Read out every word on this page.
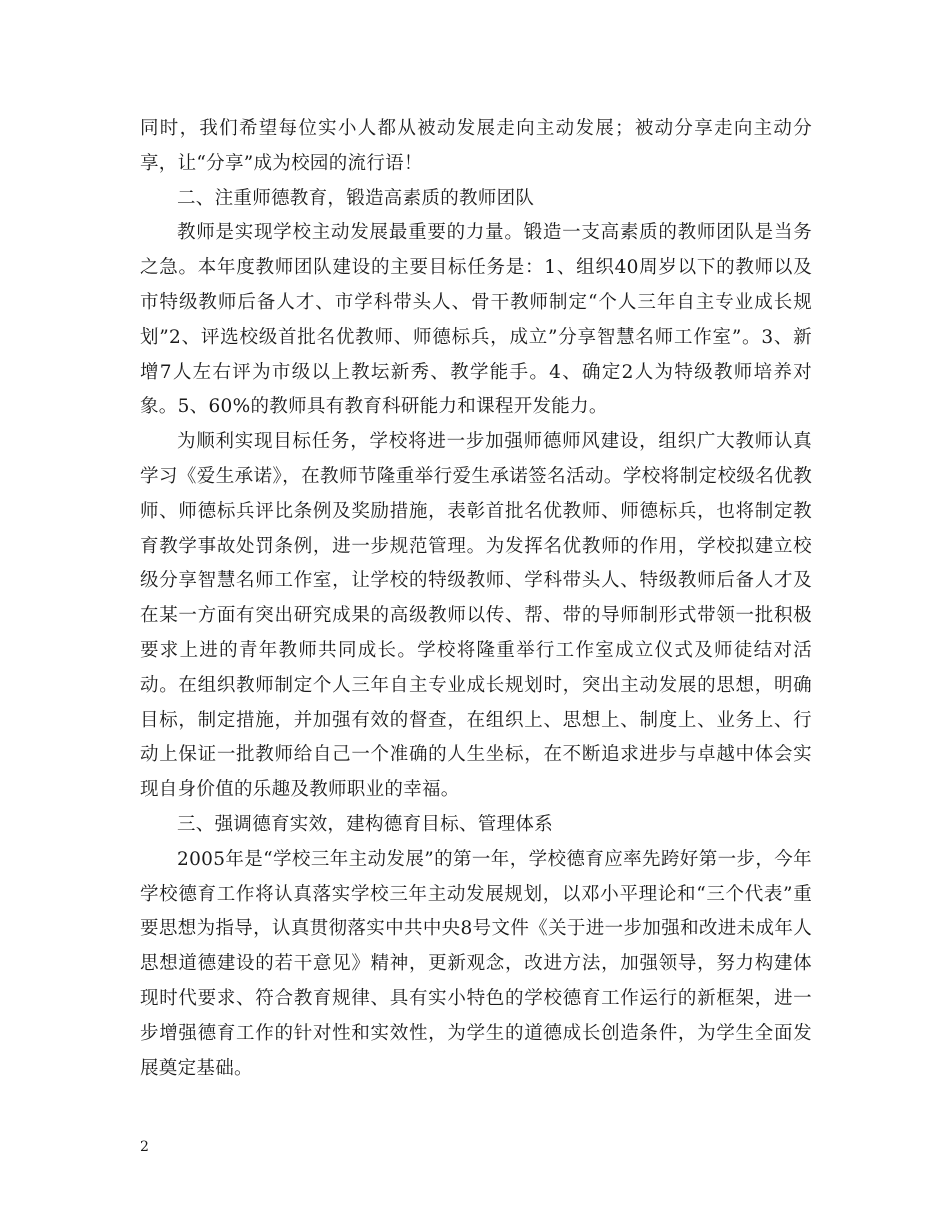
同时，我们希望每位实小人都从被动发展走向主动发展；被动分享走向主动分享，让“分享”成为校园的流行语！

二、注重师德教育，锻造高素质的教师团队

教师是实现学校主动发展最重要的力量。锻造一支高素质的教师团队是当务之急。本年度教师团队建设的主要目标任务是：1、组织40周岁以下的教师以及市特级教师后备人才、市学科带头人、骨干教师制定“个人三年自主专业成长规划”2、评选校级首批名优教师、师德标兵，成立”分享智慧名师工作室”。3、新增7人左右评为市级以上教坛新秀、教学能手。4、确定2人为特级教师培养对象。5、60%的教师具有教育科研能力和课程开发能力。

为顺利实现目标任务，学校将进一步加强师德师风建设，组织广大教师认真学习《爱生承诺》，在教师节隆重举行爱生承诺签名活动。学校将制定校级名优教师、师德标兵评比条例及奖励措施，表彰首批名优教师、师德标兵，也将制定教育教学事故处罚条例，进一步规范管理。为发挥名优教师的作用，学校拟建立校级分享智慧名师工作室，让学校的特级教师、学科带头人、特级教师后备人才及在某一方面有突出研究成果的高级教师以传、帮、带的导师制形式带领一批积极要求上进的青年教师共同成长。学校将隆重举行工作室成立仪式及师徒结对活动。在组织教师制定个人三年自主专业成长规划时，突出主动发展的思想，明确目标，制定措施，并加强有效的督查，在组织上、思想上、制度上、业务上、行动上保证一批教师给自己一个准确的人生坐标，在不断追求进步与卓越中体会实现自身价值的乐趣及教师职业的幸福。

三、强调德育实效，建构德育目标、管理体系

2005年是“学校三年主动发展”的第一年，学校德育应率先跨好第一步，今年学校德育工作将认真落实学校三年主动发展规划，以邓小平理论和“三个代表”重要思想为指导，认真贯彻落实中共中央8号文件《关于进一步加强和改进未成年人思想道德建设的若干意见》精神，更新观念，改进方法，加强领导，努力构建体现时代要求、符合教育规律、具有实小特色的学校德育工作运行的新框架，进一步增强德育工作的针对性和实效性，为学生的道德成长创造条件，为学生全面发展奠定基础。

2
